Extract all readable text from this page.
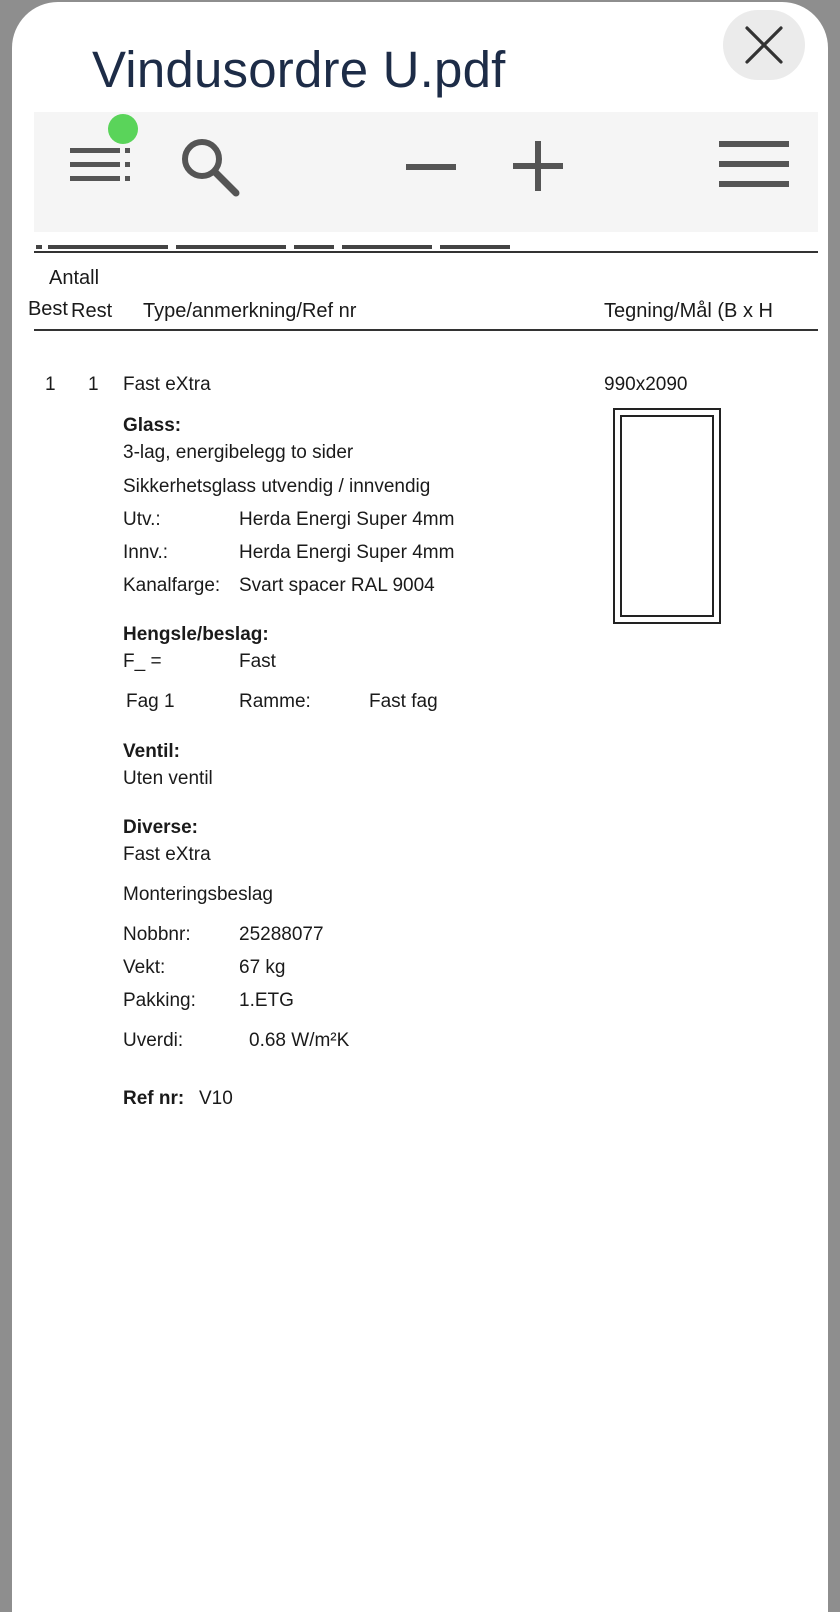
Vindusordre U.pdf
Antall
Best Rest Type/anmerkning/Ref nr	Tegning/Mål (B x H
1 1 Fast eXtra	990x2090
Glass:
3-lag, energibelegg to sider
Sikkerhetsglass utvendig / innvendig
Utv.:	Herda Energi Super 4mm
Innv.:	Herda Energi Super 4mm
Kanalfarge: Svart spacer RAL 9004
Hengsle/beslag:
F_ =	Fast
Fag 1	Ramme:	Fast fag
Ventil:
Uten ventil
Diverse:
Fast eXtra
Monteringsbeslag
Nobbnr:	25288077
Vekt:	67 kg
Pakking: 1.ETG
Uverdi:	0.68 W/m²K
Ref nr: V10
